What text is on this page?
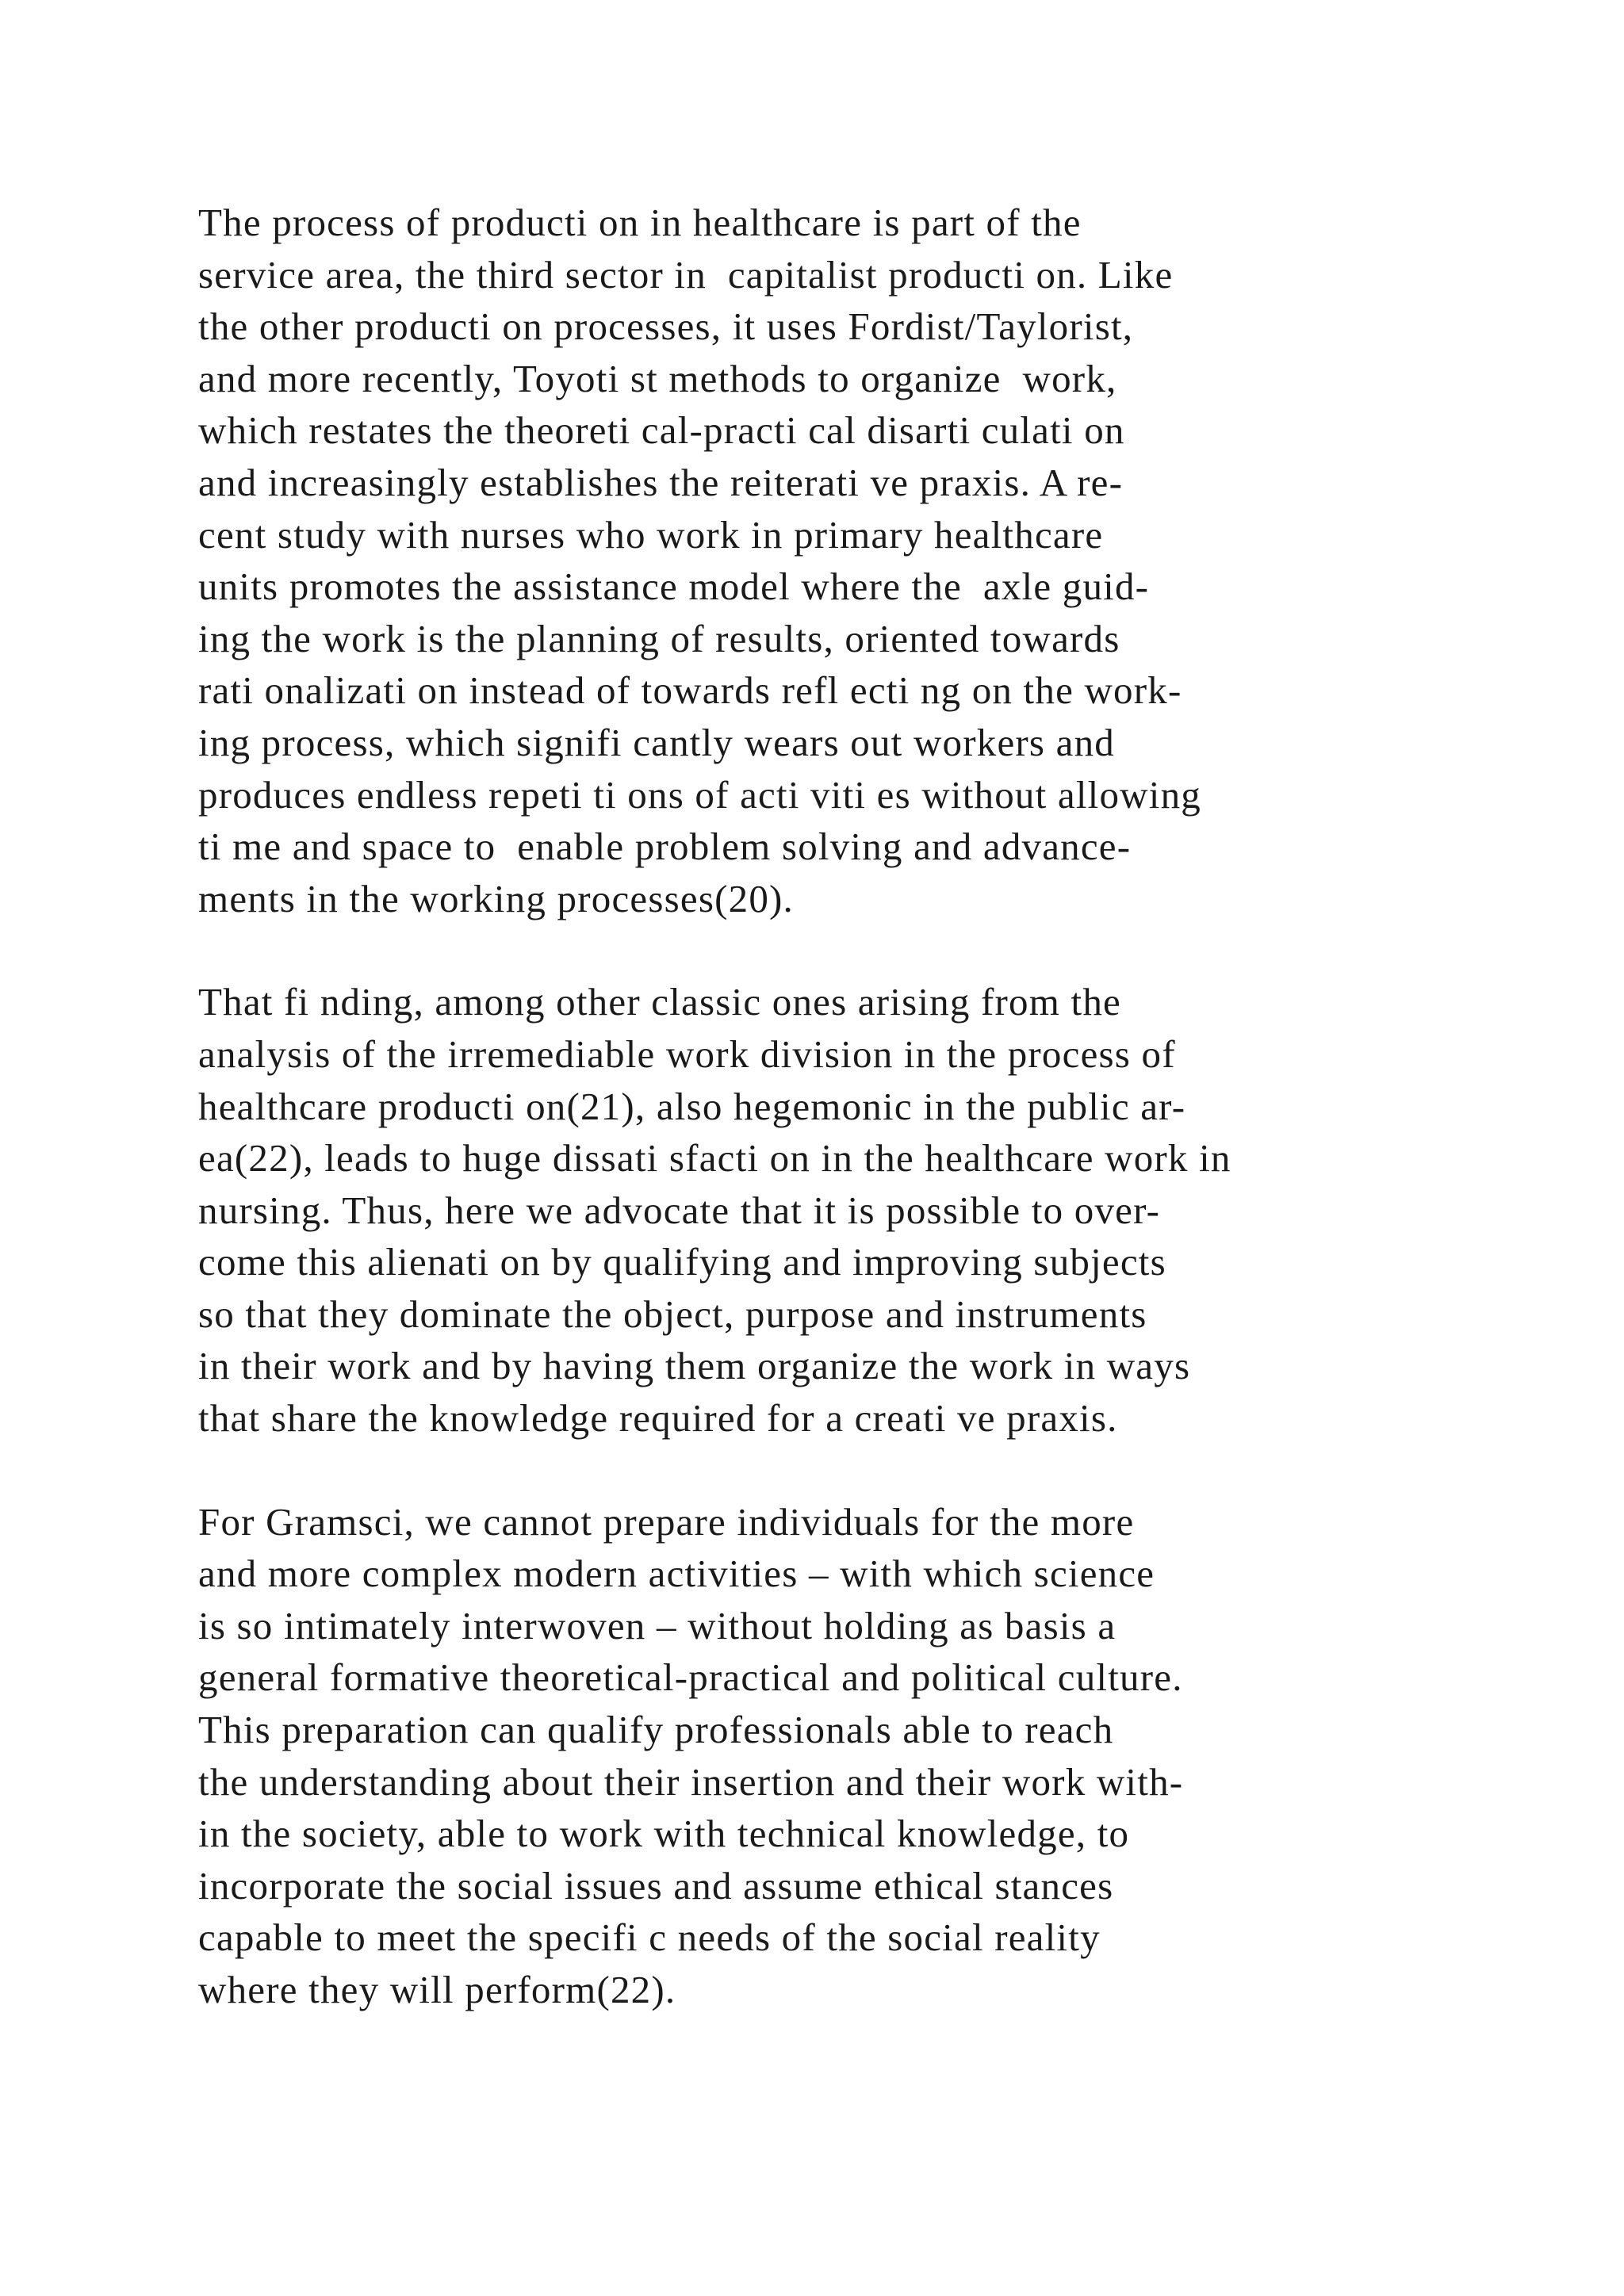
The process of producti on in healthcare is part of the
service area, the third sector in  capitalist producti on. Like
the other producti on processes, it uses Fordist/Taylorist,
and more recently, Toyoti st methods to organize  work,
which restates the theoreti cal-practi cal disarti culati on
and increasingly establishes the reiterati ve praxis. A re-
cent study with nurses who work in primary healthcare
units promotes the assistance model where the  axle guid-
ing the work is the planning of results, oriented towards
rati onalizati on instead of towards refl ecti ng on the work-
ing process, which signifi cantly wears out workers and
produces endless repeti ti ons of acti viti es without allowing
ti me and space to  enable problem solving and advance-
ments in the working processes(20).
That fi nding, among other classic ones arising from the
analysis of the irremediable work division in the process of
healthcare producti on(21), also hegemonic in the public ar-
ea(22), leads to huge dissati sfacti on in the healthcare work in
nursing. Thus, here we advocate that it is possible to over-
come this alienati on by qualifying and improving subjects
so that they dominate the object, purpose and instruments
in their work and by having them organize the work in ways
that share the knowledge required for a creati ve praxis.
For Gramsci, we cannot prepare individuals for the more
and more complex modern activities – with which science
is so intimately interwoven – without holding as basis a
general formative theoretical-practical and political culture.
This preparation can qualify professionals able to reach
the understanding about their insertion and their work with-
in the society, able to work with technical knowledge, to
incorporate the social issues and assume ethical stances
capable to meet the specifi c needs of the social reality
where they will perform(22).
